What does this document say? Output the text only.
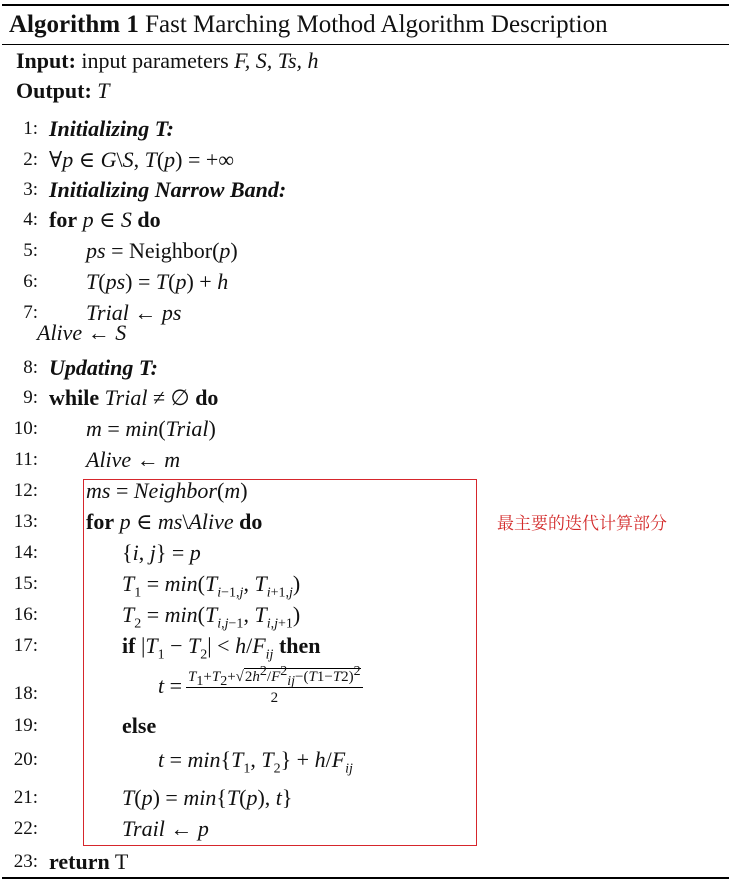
Algorithm 1 Fast Marching Mothod Algorithm Description
Input: input parameters F, S, Ts, h
Output: T
1: Initializing T:
2: ∀p ∈ G\S, T(p) = +∞
3: Initializing Narrow Band:
4: for p ∈ S do
5: ps = Neighbor(p)
6: T(ps) = T(p) + h
7: Trial ← ps
Alive ← S
8: Updating T:
9: while Trial ≠ ∅ do
10: m = min(Trial)
11: Alive ← m
12: ms = Neighbor(m)
13: for p ∈ ms\Alive do
14:	{i, j} = p
15:	$T_1 = \min(T_{i-1,j}$, $T_{i+1,j}$)
16:	$T_2 = \min(T_{i,j-1}$, $T_{i,j+1}$)
17:	if $|T_1 - T_2| < h/F_{ij}$ then
18:	$t = \frac{T_1+T_2+√2h^2/F^2_{ij}-(T1-T2)^2}{2}$
19:	else
20:	$t = \min\{T_1$, $T_2\} + h/F_{ij}$
21:	T(p) = min{T(p), t}
22:	Trail ← p
23: return T
最主要的迭代计算部分
